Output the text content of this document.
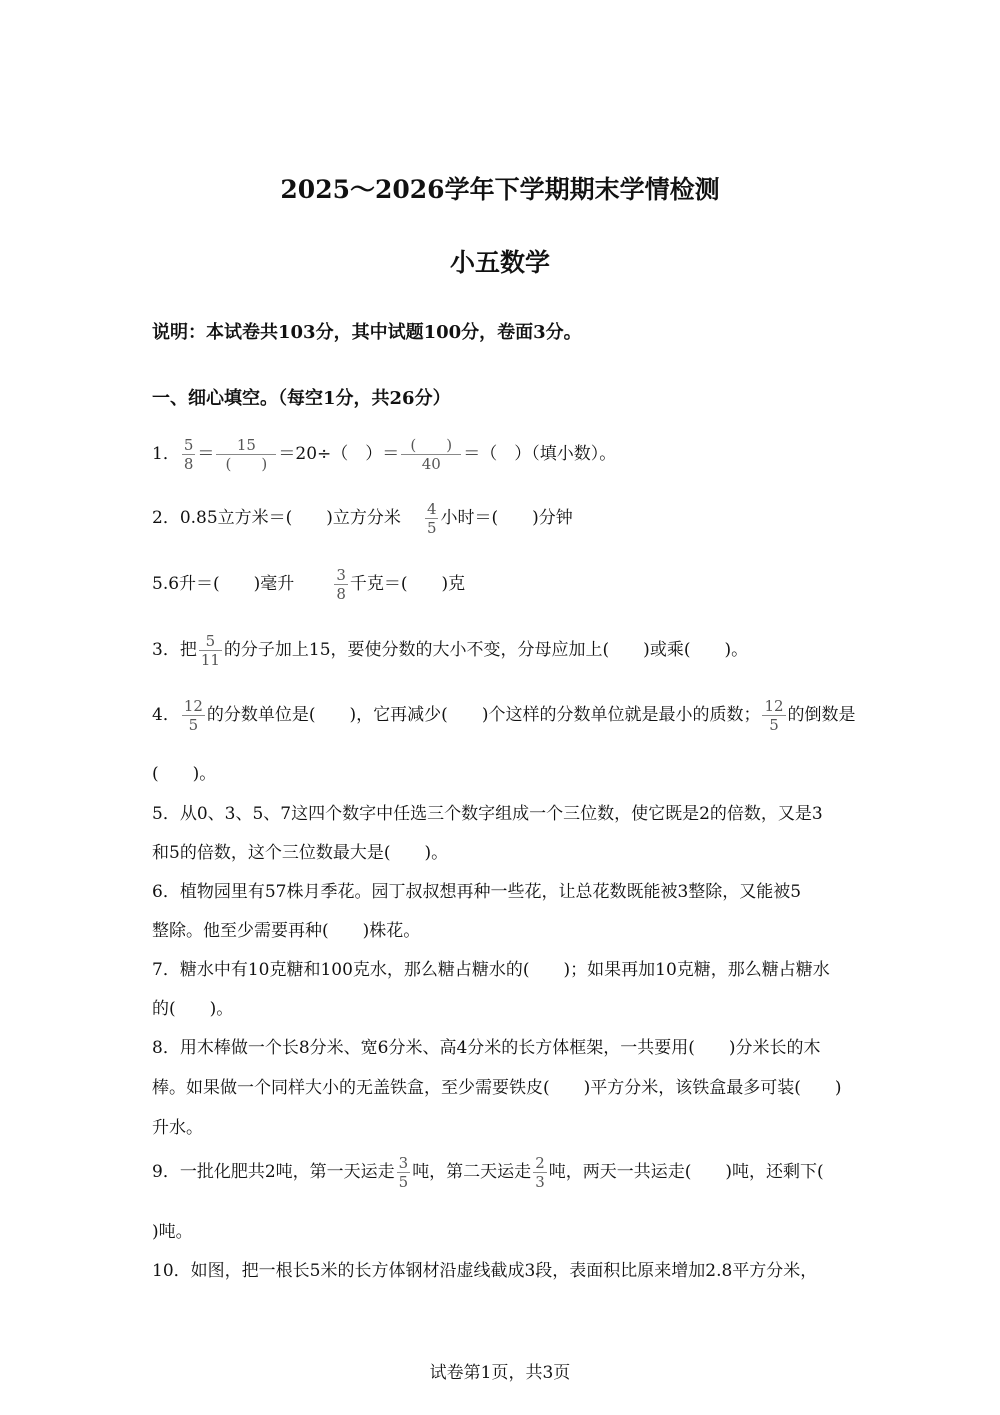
2025～2026学年下学期期末学情检测
小五数学
说明：本试卷共103分，其中试题100分，卷面3分。
一、细心填空。（每空1分，共26分）
1． $\frac{5}{8}$ ＝	15
(　　) ＝20÷（　）＝ (　　)
40	＝（　）（填小数）。
2．0.85立方米＝(　　)立方分米 $\frac{4}{5}$ 小时＝(　　)分钟
5.6升＝(　　)毫升	$\frac{3}{8}$ 千克＝(　　)克
3．把 $\frac{5}{11}$ 的分子加上15，要使分数的大小不变，分母应加上(　　)或乘(　　)。
4． $\frac{12}{5}$ 的分数单位是(　　)，它再减少(　　)个这样的分数单位就是最小的质数； $\frac{12}{5}$ 的倒数是
(　　)。
5．从0、3、5、7这四个数字中任选三个数字组成一个三位数，使它既是2的倍数，又是3
和5的倍数，这个三位数最大是(　　)。
6．植物园里有57株月季花。园丁叔叔想再种一些花，让总花数既能被3整除，又能被5
整除。他至少需要再种(　　)株花。
7．糖水中有10克糖和100克水，那么糖占糖水的(　　)；如果再加10克糖，那么糖占糖水
的(　　)。
8．用木棒做一个长8分米、宽6分米、高4分米的长方体框架，一共要用(　　)分米长的木
棒。如果做一个同样大小的无盖铁盒，至少需要铁皮(　　)平方分米，该铁盒最多可装(　　)
升水。
9．一批化肥共2吨，第一天运走 $\frac{3}{5}$ 吨，第二天运走 $\frac{2}{3}$ 吨，两天一共运走(　　)吨，还剩下(
)吨。
10．如图，把一根长5米的长方体钢材沿虚线截成3段，表面积比原来增加2.8平方分米，
试卷第1页，共3页
